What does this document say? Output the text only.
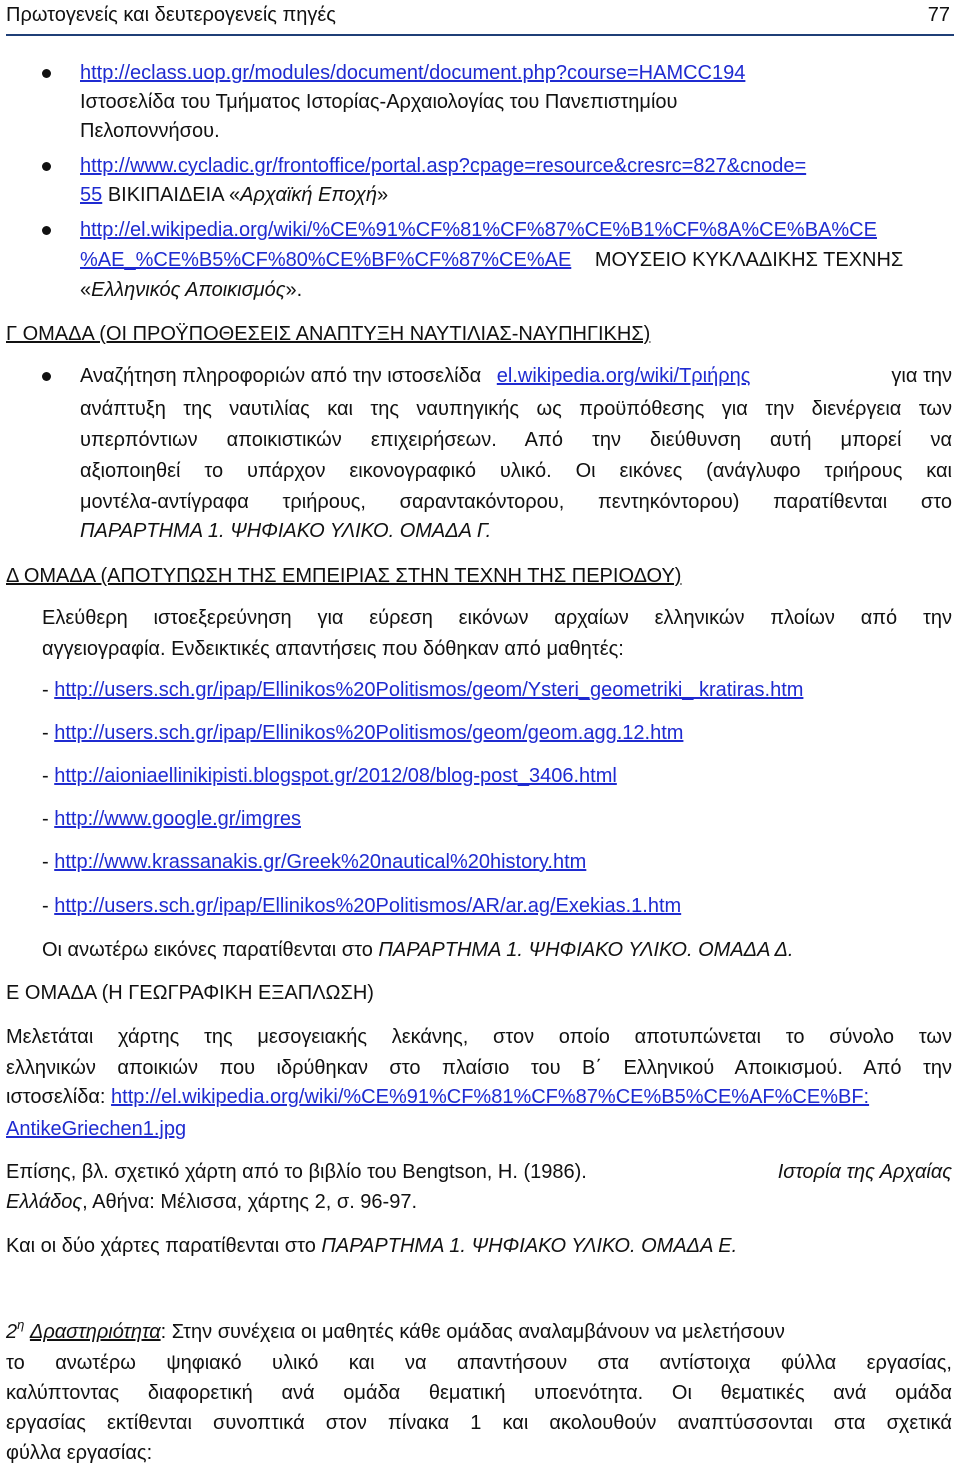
Πρωτογενείς και δευτερογενείς πηγές	77
http://eclass.uop.gr/modules/document/document.php?course=HAMCC194
Ιστοσελίδα του Τμήματος Ιστορίας-Αρχαιολογίας του Πανεπιστημίου
Πελοποννήσου.
http://www.cycladic.gr/frontoffice/portal.asp?cpage=resource&cresrc=827&cnode=
55 ΒΙΚΙΠΑΙΔΕΙΑ «Αρχαϊκή Εποχή»
http://el.wikipedia.org/wiki/%CE%91%CF%81%CF%87%CE%B1%CF%8A%CE%BA%CE
%AE_%CE%B5%CF%80%CE%BF%CF%87%CE%AE ΜΟΥΣΕΙΟ ΚΥΚΛΑΔΙΚΗΣ ΤΕΧΝΗΣ
«Ελληνικός Αποικισμός».
Γ ΟΜΑΔΑ (ΟΙ ΠΡΟΫΠΟΘΕΣΕΙΣ ΑΝΑΠΤΥΞΗ ΝΑΥΤΙΛΙΑΣ-ΝΑΥΠΗΓΙΚΗΣ)
Αναζήτηση πληροφοριών από την ιστοσελίδα el.wikipedia.org/wiki/Τριήρης	για την
ανάπτυξη της ναυτιλίας και της ναυπηγικής ως προϋπόθεσης για την διενέργεια των
υπερπόντιων αποικιστικών επιχειρήσεων. Από την διεύθυνση αυτή μπορεί να
αξιοποιηθεί το υπάρχον εικονογραφικό υλικό. Οι εικόνες (ανάγλυφο τριήρους και
μοντέλα-αντίγραφα τριήρους, σαραντακόντορου, πεντηκόντορου) παρατίθενται στο
ΠΑΡΑΡΤΗΜΑ 1. ΨΗΦΙΑΚΟ ΥΛΙΚΟ. ΟΜΑΔΑ Γ.
Δ ΟΜΑΔΑ (ΑΠΟΤΥΠΩΣΗ ΤΗΣ ΕΜΠΕΙΡΙΑΣ ΣΤΗΝ ΤΕΧΝΗ ΤΗΣ ΠΕΡΙΟΔΟΥ)
Ελεύθερη ιστοεξερεύνηση για εύρεση εικόνων αρχαίων ελληνικών πλοίων από την
αγγειογραφία. Ενδεικτικές απαντήσεις που δόθηκαν από μαθητές:
- http://users.sch.gr/ipap/Ellinikos%20Politismos/geom/Ysteri_geometriki_ kratiras.htm
- http://users.sch.gr/ipap/Ellinikos%20Politismos/geom/geom.agg.12.htm
- http://aioniaellinikipisti.blogspot.gr/2012/08/blog-post_3406.html
- http://www.google.gr/imgres
- http://www.krassanakis.gr/Greek%20nautical%20history.htm
- http://users.sch.gr/ipap/Ellinikos%20Politismos/AR/ar.ag/Exekias.1.htm
Οι ανωτέρω εικόνες παρατίθενται στο ΠΑΡΑΡΤΗΜΑ 1. ΨΗΦΙΑΚΟ ΥΛΙΚΟ. ΟΜΑΔΑ Δ.
Ε ΟΜΑΔΑ (Η ΓΕΩΓΡΑΦΙΚΗ ΕΞΑΠΛΩΣΗ)
Μελετάται χάρτης της μεσογειακής λεκάνης, στον οποίο αποτυπώνεται το σύνολο των
ελληνικών αποικιών που ιδρύθηκαν στο πλαίσιο του Β΄ Ελληνικού Αποικισμού. Από την
ιστοσελίδα: http://el.wikipedia.org/wiki/%CE%91%CF%81%CF%87%CE%B5%CE%AF%CE%BF:
AntikeGriechen1.jpg
Επίσης, βλ. σχετικό χάρτη από το βιβλίο του Bengtson, H. (1986).	Ιστορία της Αρχαίας
Ελλάδος, Αθήνα: Μέλισσα, χάρτης 2, σ. 96-97.
Και οι δύο χάρτες παρατίθενται στο ΠΑΡΑΡΤΗΜΑ 1. ΨΗΦΙΑΚΟ ΥΛΙΚΟ. ΟΜΑΔΑ Ε.
$2^\eta$ Δραστηριότητα: Στην συνέχεια οι μαθητές κάθε ομάδας αναλαμβάνουν να μελετήσουν
το ανωτέρω ψηφιακό υλικό και να απαντήσουν στα αντίστοιχα φύλλα εργασίας,
καλύπτοντας διαφορετική ανά ομάδα θεματική υποενότητα. Οι θεματικές ανά ομάδα
εργασίας εκτίθενται συνοπτικά στον πίνακα 1 και ακολουθούν αναπτύσσονται στα σχετικά
φύλλα εργασίας:
